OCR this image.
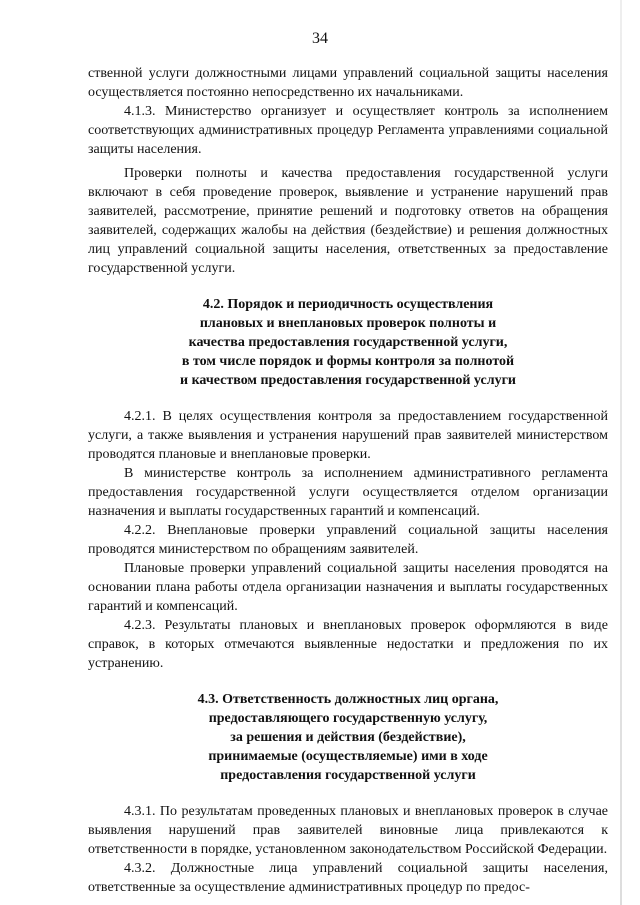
34

ственной услуги должностными лицами управлений социальной защиты населения осуществляется постоянно непосредственно их начальниками.

4.1.3. Министерство организует и осуществляет контроль за исполнением соответствующих административных процедур Регламента управлениями социальной защиты населения.

Проверки полноты и качества предоставления государственной услуги включают в себя проведение проверок, выявление и устранение нарушений прав заявителей, рассмотрение, принятие решений и подготовку ответов на обращения заявителей, содержащих жалобы на действия (бездействие) и решения должностных лиц управлений социальной защиты населения, ответственных за предоставление государственной услуги.

4.2. Порядок и периодичность осуществления
плановых и внеплановых проверок полноты и
качества предоставления государственной услуги,
в том числе порядок и формы контроля за полнотой
и качеством предоставления государственной услуги

4.2.1. В целях осуществления контроля за предоставлением государственной услуги, а также выявления и устранения нарушений прав заявителей министерством проводятся плановые и внеплановые проверки.

В министерстве контроль за исполнением административного регламента предоставления государственной услуги осуществляется отделом организации назначения и выплаты государственных гарантий и компенсаций.

4.2.2. Внеплановые проверки управлений социальной защиты населения проводятся министерством по обращениям заявителей.

Плановые проверки управлений социальной защиты населения проводятся на основании плана работы отдела организации назначения и выплаты государственных гарантий и компенсаций.

4.2.3. Результаты плановых и внеплановых проверок оформляются в виде справок, в которых отмечаются выявленные недостатки и предложения по их устранению.

4.3. Ответственность должностных лиц органа,
предоставляющего государственную услугу,
за решения и действия (бездействие),
принимаемые (осуществляемые) ими в ходе
предоставления государственной услуги

4.3.1. По результатам проведенных плановых и внеплановых проверок в случае выявления нарушений прав заявителей виновные лица привлекаются к ответственности в порядке, установленном законодательством Российской Федерации.

4.3.2. Должностные лица управлений социальной защиты населения, ответственные за осуществление административных процедур по предос-
